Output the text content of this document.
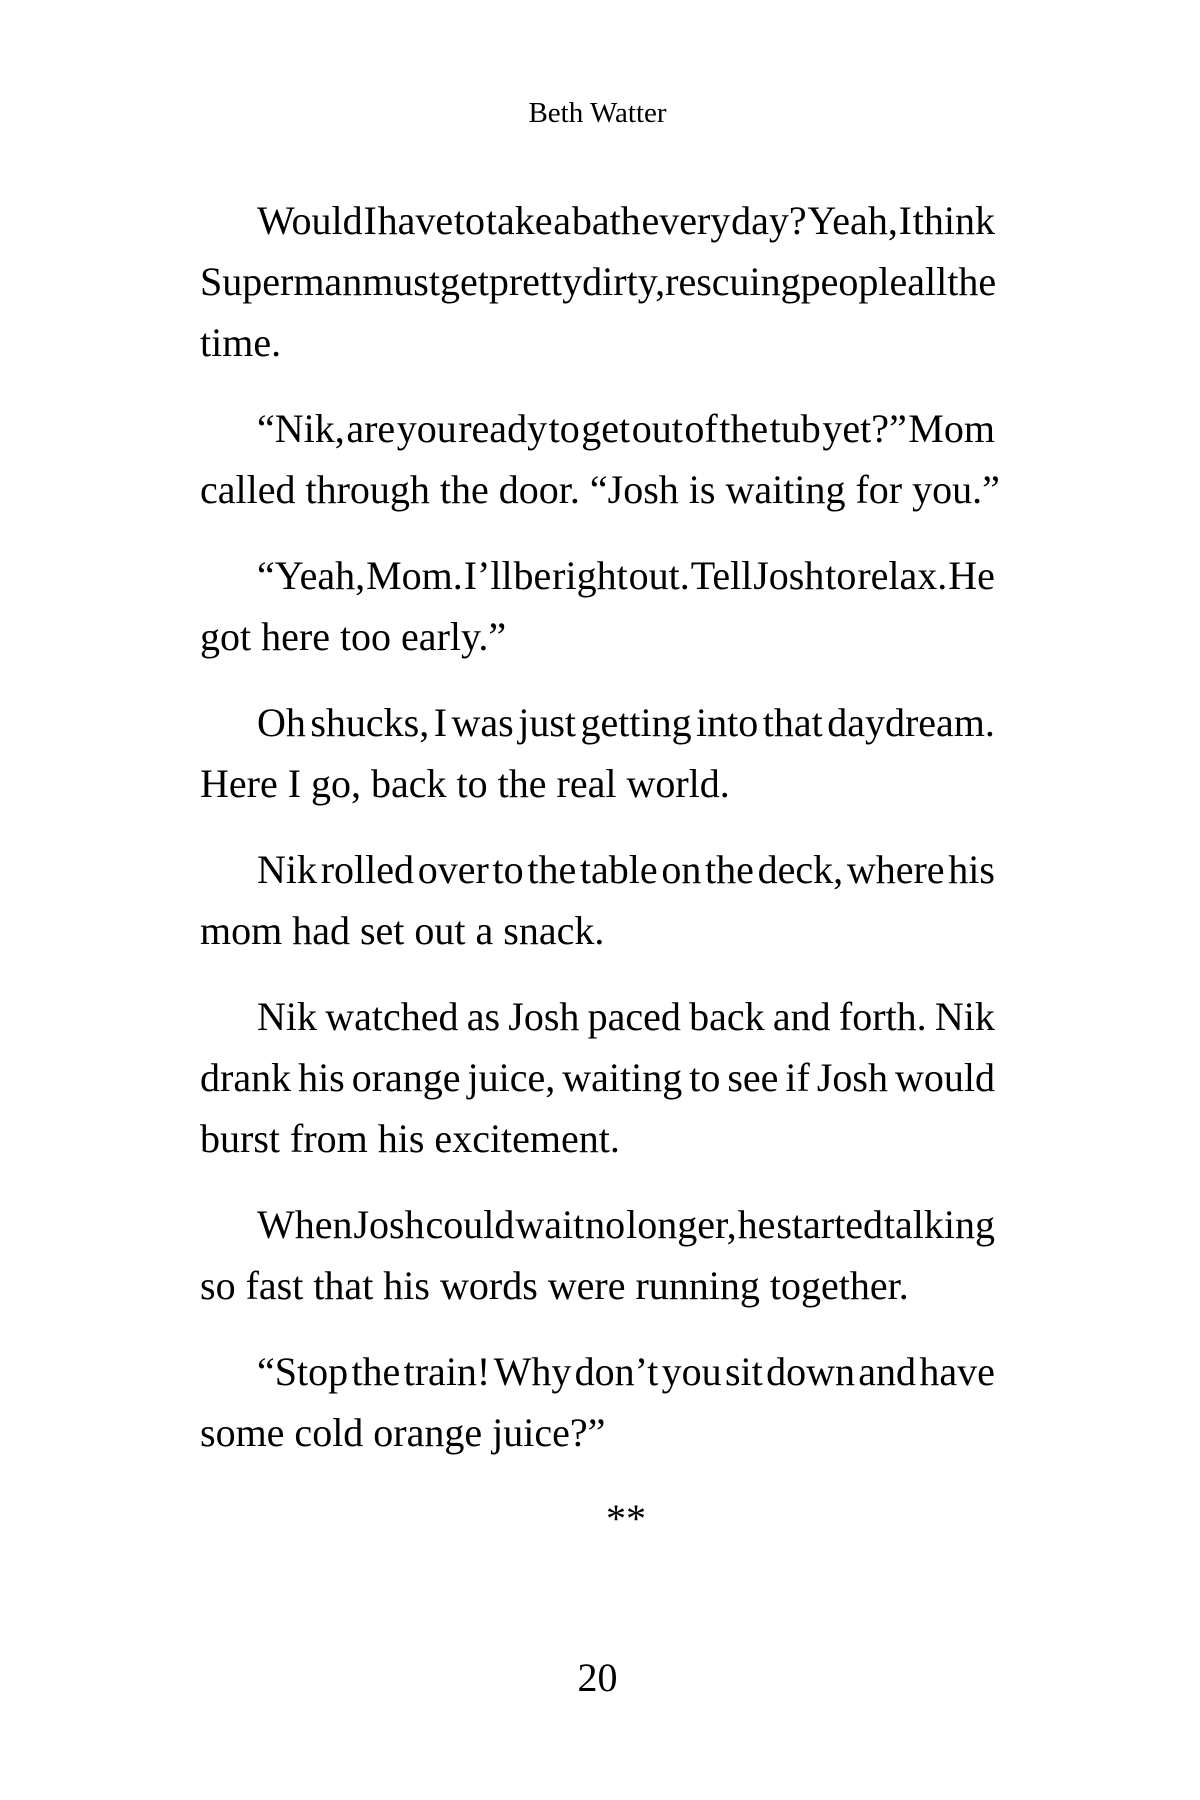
Beth Watter
Would I have to take a bath every day? Yeah, I think
Superman must get pretty dirty, rescuing people all the
time.
“Nik, are you ready to get out of the tub yet?” Mom
called through the door. “Josh is waiting for you.”
“Yeah, Mom. I’ll be right out. Tell Josh to relax. He
got here too early.”
Oh shucks, I was just getting into that daydream.
Here I go, back to the real world.
Nik rolled over to the table on the deck, where his
mom had set out a snack.
Nik watched as Josh paced back and forth. Nik
drank his orange juice, waiting to see if Josh would
burst from his excitement.
When Josh could wait no longer, he started talking
so fast that his words were running together.
“Stop the train! Why don’t you sit down and have
some cold orange juice?”
**
20
